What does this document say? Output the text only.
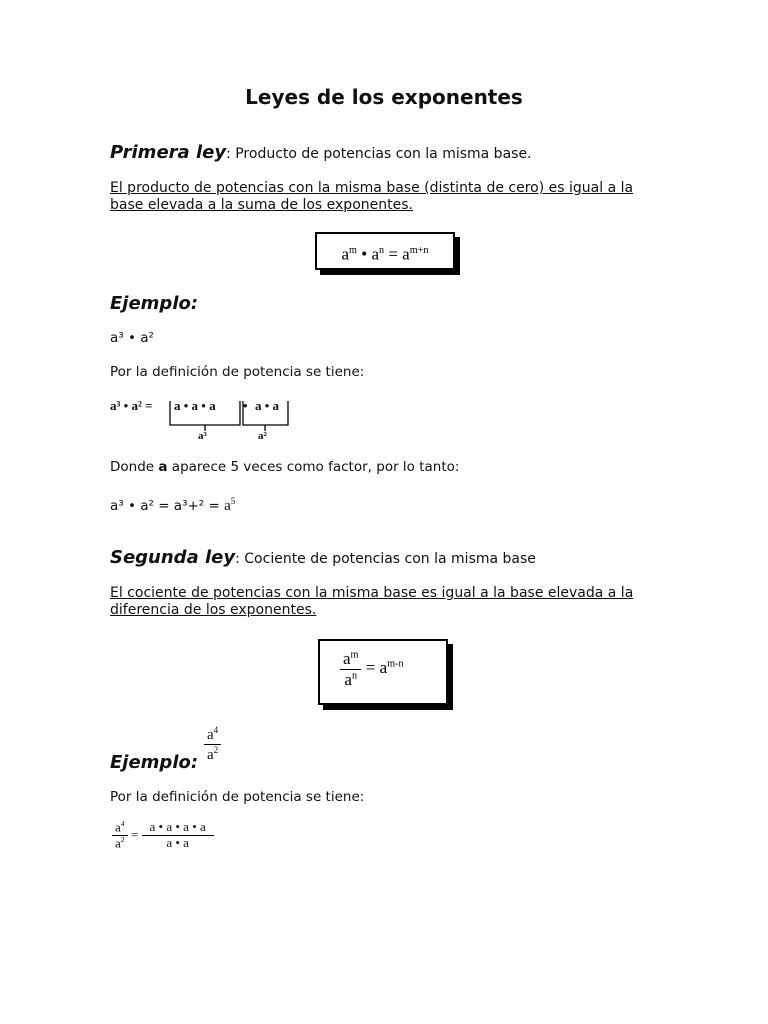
Leyes de los exponentes
Primera ley: Producto de potencias con la misma base.
El producto de potencias con la misma base (distinta de cero) es igual a la base elevada a la suma de los exponentes.
$a^m$ • $a^n = a^{m+n}$
Ejemplo:
a³ • a²
Por la definición de potencia se tiene:
a³ • a² = a • a • a • a • a
a³	a²
Donde a aparece 5 veces como factor, por lo tanto:
a³ • $a^2 = a^3+^2 = a^5$
Segunda ley: Cociente de potencias con la misma base
El cociente de potencias con la misma base es igual a la base elevada a la diferencia de los exponentes.
$\frac{a^m}{a^n} = a^{m-n}$
Ejemplo: $\frac{a^4}{a^2}$
Por la definición de potencia se tiene:
$\frac{a^4}{a^2} = \frac{a • a • a • a}{a • a}$
